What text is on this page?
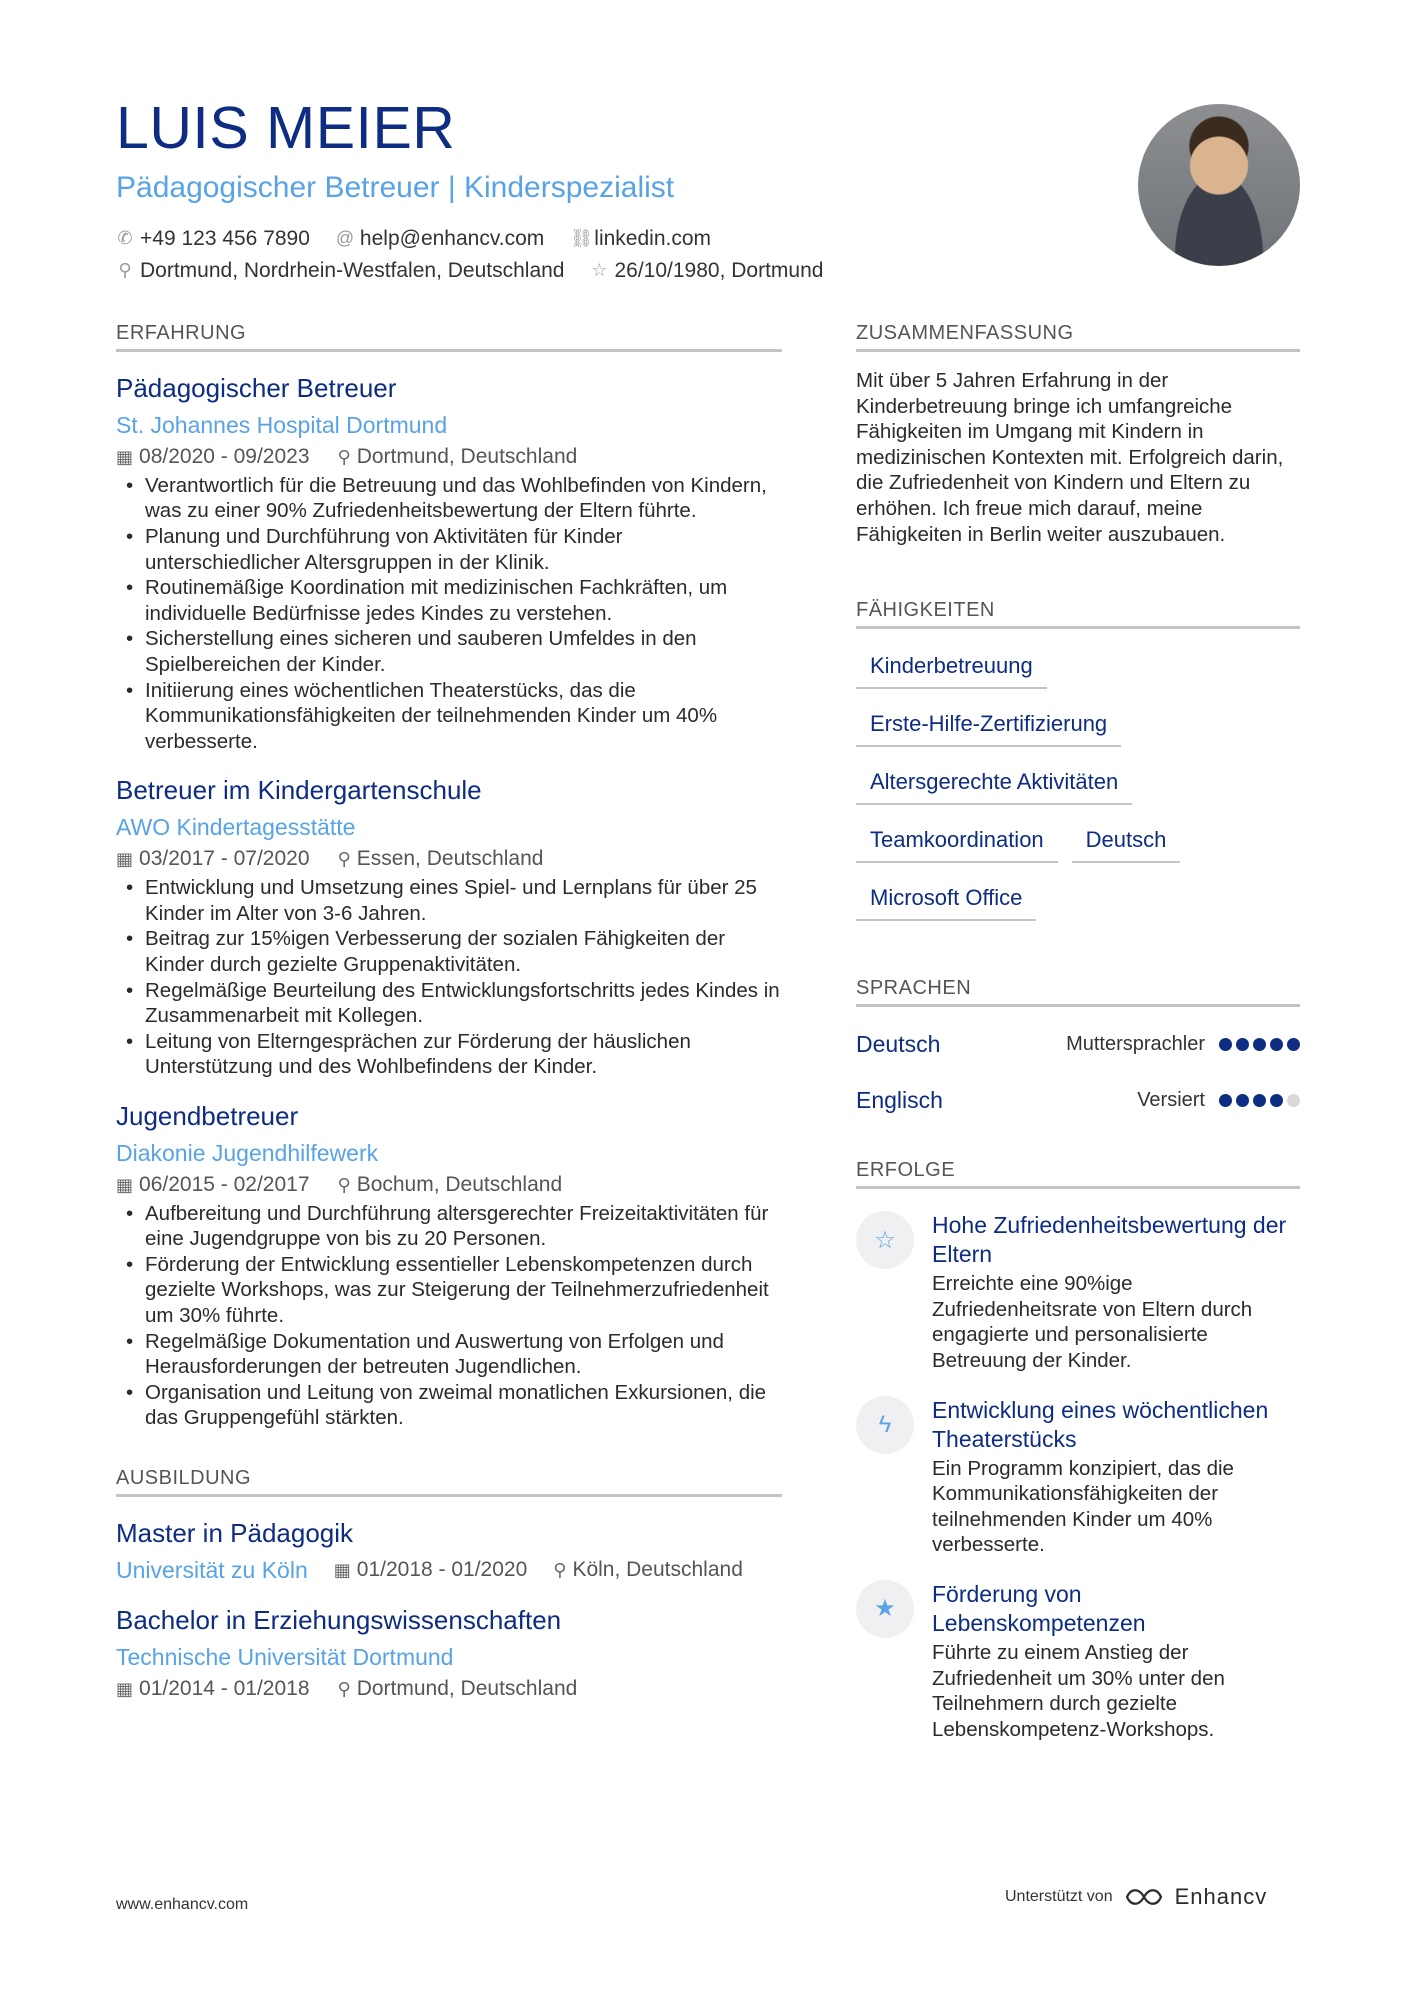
LUIS MEIER
Pädagogischer Betreuer | Kinderspezialist
✆ +49 123 456 7890 @ help@enhancv.com ⛓ linkedin.com
⚲ Dortmund, Nordrhein-Westfalen, Deutschland ☆ 26/10/1980, Dortmund
ERFAHRUNG
Pädagogischer Betreuer
St. Johannes Hospital Dortmund
▦ 08/2020 - 09/2023 ⚲ Dortmund, Deutschland
• Verantwortlich für die Betreuung und das Wohlbefinden von Kindern, was zu einer 90% Zufriedenheitsbewertung der Eltern führte.
• Planung und Durchführung von Aktivitäten für Kinder unterschiedlicher Altersgruppen in der Klinik.
• Routinemäßige Koordination mit medizinischen Fachkräften, um individuelle Bedürfnisse jedes Kindes zu verstehen.
• Sicherstellung eines sicheren und sauberen Umfeldes in den Spielbereichen der Kinder.
• Initiierung eines wöchentlichen Theaterstücks, das die Kommunikationsfähigkeiten der teilnehmenden Kinder um 40% verbesserte.
Betreuer im Kindergartenschule
AWO Kindertagesstätte
▦ 03/2017 - 07/2020 ⚲ Essen, Deutschland
• Entwicklung und Umsetzung eines Spiel- und Lernplans für über 25 Kinder im Alter von 3-6 Jahren.
• Beitrag zur 15%igen Verbesserung der sozialen Fähigkeiten der Kinder durch gezielte Gruppenaktivitäten.
• Regelmäßige Beurteilung des Entwicklungsfortschritts jedes Kindes in Zusammenarbeit mit Kollegen.
• Leitung von Elterngesprächen zur Förderung der häuslichen Unterstützung und des Wohlbefindens der Kinder.
Jugendbetreuer
Diakonie Jugendhilfewerk
▦ 06/2015 - 02/2017 ⚲ Bochum, Deutschland
• Aufbereitung und Durchführung altersgerechter Freizeitaktivitäten für eine Jugendgruppe von bis zu 20 Personen.
• Förderung der Entwicklung essentieller Lebenskompetenzen durch gezielte Workshops, was zur Steigerung der Teilnehmerzufriedenheit um 30% führte.
• Regelmäßige Dokumentation und Auswertung von Erfolgen und Herausforderungen der betreuten Jugendlichen.
• Organisation und Leitung von zweimal monatlichen Exkursionen, die das Gruppengefühl stärkten.
AUSBILDUNG
Master in Pädagogik
Universität zu Köln ▦ 01/2018 - 01/2020 ⚲ Köln, Deutschland
Bachelor in Erziehungswissenschaften
Technische Universität Dortmund
▦ 01/2014 - 01/2018 ⚲ Dortmund, Deutschland
ZUSAMMENFASSUNG
Mit über 5 Jahren Erfahrung in der Kinderbetreuung bringe ich umfangreiche Fähigkeiten im Umgang mit Kindern in medizinischen Kontexten mit. Erfolgreich darin, die Zufriedenheit von Kindern und Eltern zu erhöhen. Ich freue mich darauf, meine Fähigkeiten in Berlin weiter auszubauen.
FÄHIGKEITEN
Kinderbetreuung
Erste-Hilfe-Zertifizierung
Altersgerechte Aktivitäten
Teamkoordination	Deutsch
Microsoft Office
SPRACHEN
Deutsch	Muttersprachler
Englisch	Versiert
ERFOLGE
☆
Hohe Zufriedenheitsbewertung der Eltern
Erreichte eine 90%ige Zufriedenheitsrate von Eltern durch engagierte und personalisierte Betreuung der Kinder.
ϟ
Entwicklung eines wöchentlichen Theaterstücks
Ein Programm konzipiert, das die Kommunikationsfähigkeiten der teilnehmenden Kinder um 40% verbesserte.
★
Förderung von Lebenskompetenzen
Führte zu einem Anstieg der Zufriedenheit um 30% unter den Teilnehmern durch gezielte Lebenskompetenz-Workshops.
www.enhancv.com	Unterstützt von	Enhancv
